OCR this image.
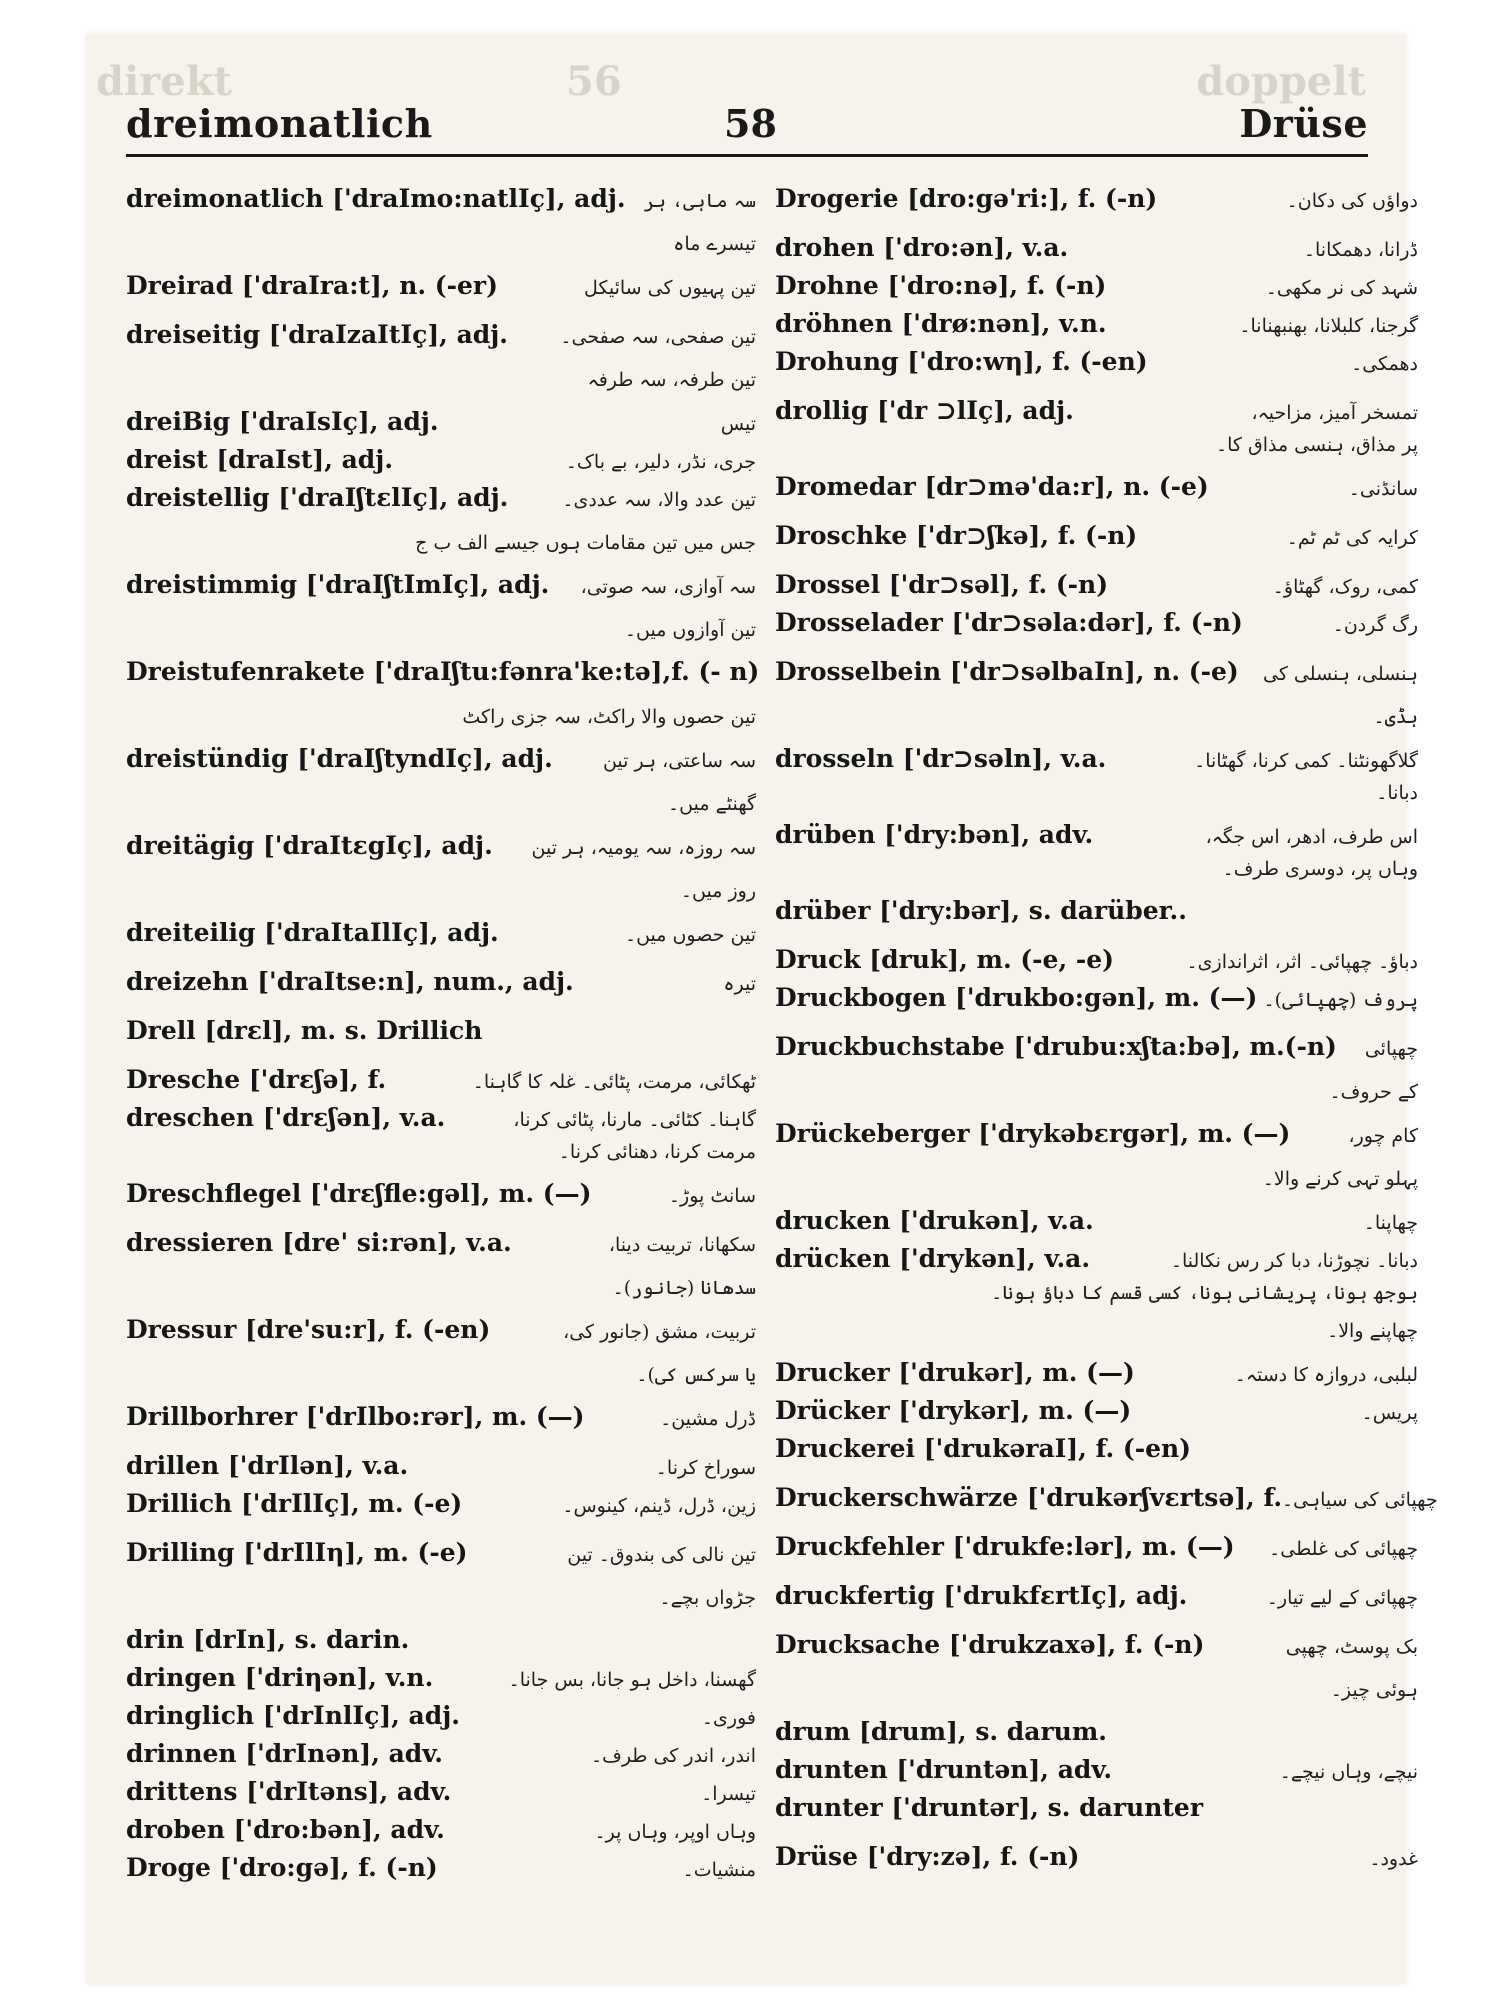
direkt	56	doppelt
dreimonatlich	58	Drüse
dreimonatlich ['draImo:natlIç], adj. سہ ماہی، ہر
تیسرے ماہ
Dreirad ['draIra:t], n. (-er)	تین پہیوں کی سائیکل
dreiseitig ['draIzaItIç], adj.	تین صفحی، سہ صفحی۔
تین طرفہ، سہ طرفہ
dreiBig ['draIsIç], adj.	تیس
dreist [draIst], adj.	جری، نڈر، دلیر، بے باک۔
dreistellig ['draIʃtεlIç], adj.	تین عدد والا، سہ عددی۔
جس میں تین مقامات ہوں جیسے الف ب ج
dreistimmig ['draIʃtImIç], adj. سہ آوازی، سہ صوتی،
تین آوازوں میں۔
Dreistufenrakete ['draIʃtu:fənra'ke:tə],f. (- n)
تین حصوں والا راکٹ، سہ جزی راکٹ
dreistündig ['draIʃtyndIç], adj.	سہ ساعتی، ہر تین
گھنٹے میں۔
dreitägig ['draItεgIç], adj. سہ روزہ، سہ یومیہ، ہر تین
روز میں۔
dreiteilig ['draItaIlIç], adj.	تین حصوں میں۔
dreizehn ['draItse:n], num., adj.	تیرہ
Drell [drεl], m. s. Drillich
Dresche ['drεʃə], f.	ٹھکائی، مرمت، پٹائی۔ غلہ کا گاہنا۔
dreschen ['drεʃən], v.a.	گاہنا۔ کٹائی۔ مارنا، پٹائی کرنا،
مرمت کرنا، دھنائی کرنا۔
Dreschflegel ['drεʃfle:gəl], m. (—)	سانٹ پوڑ۔
dressieren [dre' si:rən], v.a.	سکھانا، تربیت دینا،
سدھانا (جانور)۔
Dressur [dre'su:r], f. (-en)	تربیت، مشق (جانور کی،
یا سرکس کی)۔
Drillborhrer ['drIlbo:rər], m. (—)	ڈرل مشین۔
drillen ['drIlən], v.a.	سوراخ کرنا۔
Drillich ['drIlIç], m. (-e)	زین، ڈرل، ڈینم، کینوس۔
Drilling ['drIlIη], m. (-e)	تین نالی کی بندوق۔ تین
جڑواں بچے۔
drin [drIn], s. darin.
dringen ['driηən], v.n.	گھسنا، داخل ہو جانا، بس جانا۔
dringlich ['drInlIç], adj.	فوری۔
drinnen ['drInən], adv.	اندر، اندر کی طرف۔
drittens ['drItəns], adv.	تیسرا۔
droben ['dro:bən], adv.	وہاں اوپر، وہاں پر۔
Droge ['dro:gə], f. (-n)	منشیات۔
Drogerie [dro:gə'ri:], f. (-n)	دواؤں کی دکان۔
drohen ['dro:ən], v.a.	ڈرانا، دھمکانا۔
Drohne ['dro:nə], f. (-n)	شہد کی نر مکھی۔
dröhnen ['drø:nən], v.n.	گرجنا، کلبلانا، بھنبھنانا۔
Drohung ['dro:wη], f. (-en)	دھمکی۔
drollig ['dr ⊃lIç], adj.	تمسخر آمیز، مزاحیہ،
پر مذاق، ہنسی مذاق کا۔
Dromedar [dr⊃mə'da:r], n. (-e)	سانڈنی۔
Droschke ['dr⊃ʃkə], f. (-n)	کرایہ کی ٹم ٹم۔
Drossel ['dr⊃səl], f. (-n)	کمی، روک، گھٹاؤ۔
Drosselader ['dr⊃səla:dər], f. (-n)	رگ گردن۔
Drosselbein ['dr⊃səlbaIn], n. (-e) ہنسلی، ہنسلی کی
ہڈی۔
drosseln ['dr⊃səln], v.a.	گلاگھونٹنا۔ کمی کرنا، گھٹانا۔
دبانا۔
drüben ['dry:bən], adv.	اس طرف، ادھر، اس جگہ،
وہاں پر، دوسری طرف۔
drüber ['dry:bər], s. darüber..
Druck [druk], m. (-e, -e)	دباؤ۔ چھپائی۔ اثر، اثراندازی۔
Druckbogen ['drukbo:gən], m. (—) پروف (چھپائی)۔
Druckbuchstabe ['drubu:xʃta:bə], m.(-n) چھپائی
کے حروف۔
Drückeberger ['drykəbεrgər], m. (—)	کام چور،
پہلو تہی کرنے والا۔
drucken ['drukən], v.a.	چھاپنا۔
drücken ['drykən], v.a.	دبانا۔ نچوڑنا، دبا کر رس نکالنا۔
بوجھ ہونا، پریشانی ہونا، کسی قسم کا دباؤ ہونا۔
چھاپنے والا۔
Drucker ['drukər], m. (—)	لبلبی، دروازہ کا دستہ۔
Drücker ['drykər], m. (—)	پریس۔
Druckerei ['drukəraI], f. (-en)
Druckerschwärze ['drukərʃvεrtsə], f. چھپائی کی سیاہی۔
Druckfehler ['drukfe:lər], m. (—) چھپائی کی غلطی۔
druckfertig ['drukfεrtIç], adj.	چھپائی کے لیے تیار۔
Drucksache ['drukzaxə], f. (-n)	بک پوسٹ، چھپی
ہوئی چیز۔
drum [drum], s. darum.
drunten ['druntən], adv.	نیچے، وہاں نیچے۔
drunter ['druntər], s. darunter
Drüse ['dry:zə], f. (-n)	غدود۔
